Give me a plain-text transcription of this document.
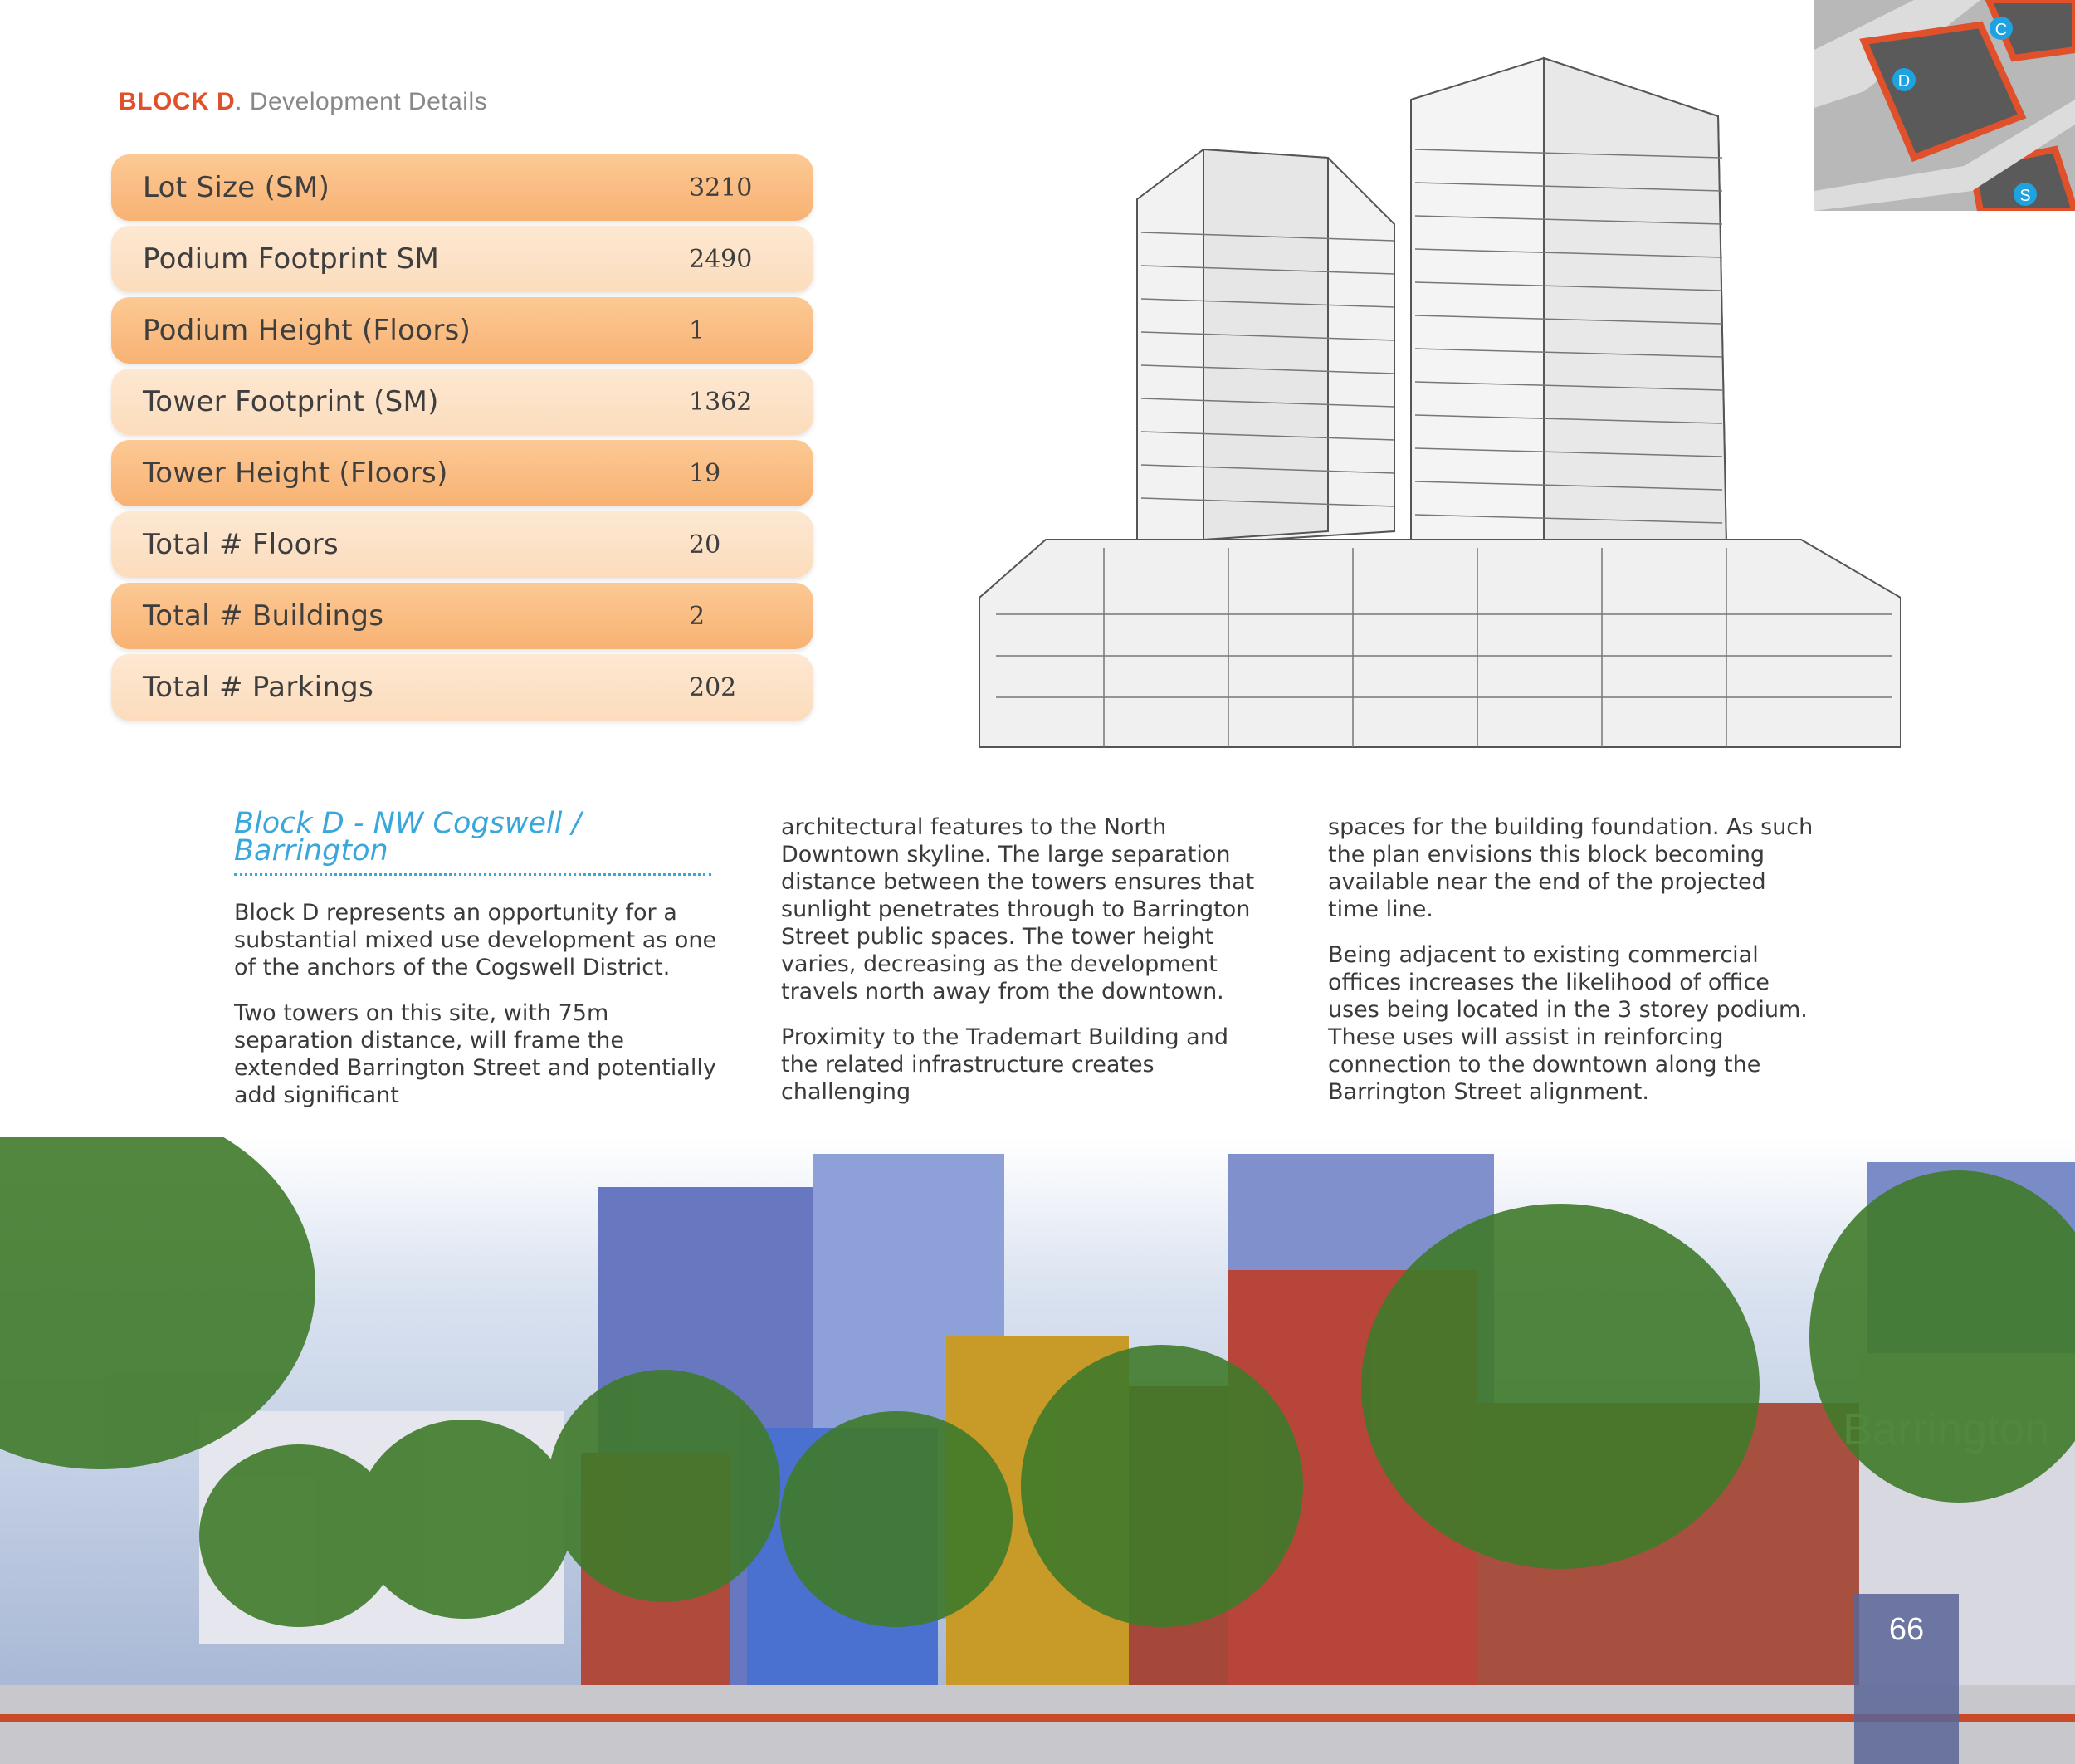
BLOCK D. Development Details
Lot Size (SM)	3210
Podium Footprint SM	2490
Podium Height (Floors)	1
Tower Footprint (SM)	1362
Tower Height (Floors)	19
Total # Floors	20
Total # Buildings	2
Total # Parkings	202
C
D
S
Block D - NW Cogswell / Barrington

Block D represents an opportunity for a substantial mixed use development as one of the anchors of the Cogswell District.

Two towers on this site, with 75m separation distance, will frame the extended Barrington Street and potentially add significant

architectural features to the North Downtown skyline. The large separation distance between the towers ensures that sunlight penetrates through to Barrington Street public spaces. The tower height varies, decreasing as the development travels north away from the downtown.

Proximity to the Trademart Building and the related infrastructure creates challenging

spaces for the building foundation. As such the plan envisions this block becoming available near the end of the projected time line.

Being adjacent to existing commercial offices increases the likelihood of office uses being located in the 3 storey podium. These uses will assist in reinforcing connection to the downtown along the Barrington Street alignment.

66
